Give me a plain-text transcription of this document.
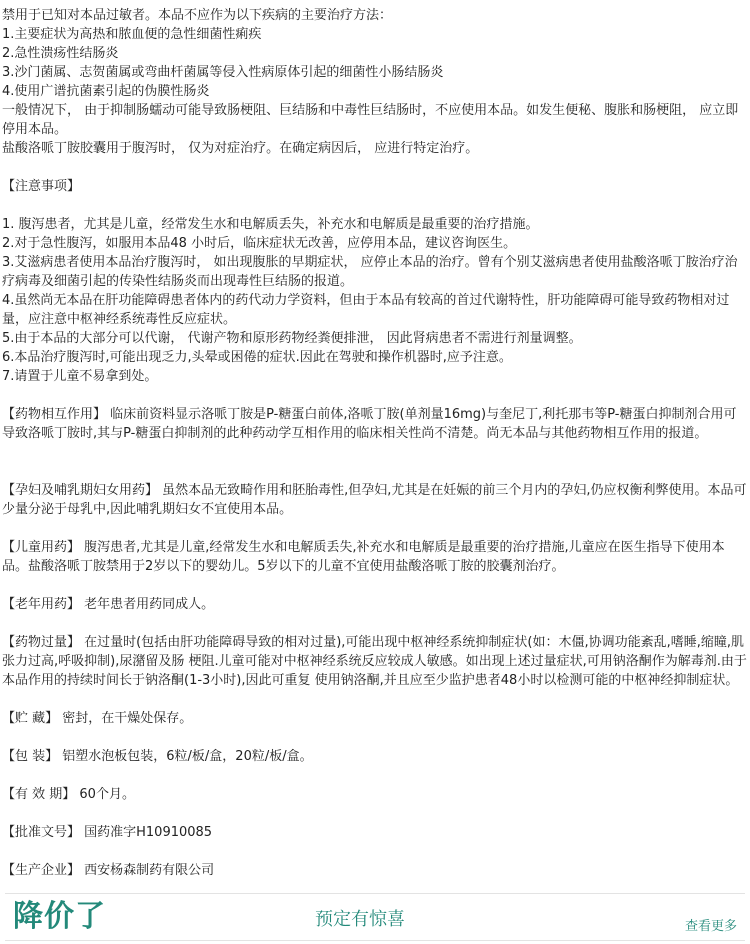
禁用于已知对本品过敏者。本品不应作为以下疾病的主要治疗方法：

1.主要症状为高热和脓血便的急性细菌性痢疾

2.急性溃疡性结肠炎

3.沙门菌属、志贺菌属或弯曲杆菌属等侵入性病原体引起的细菌性小肠结肠炎

4.使用广谱抗菌素引起的伪膜性肠炎

一般情况下， 由于抑制肠蠕动可能导致肠梗阻、巨结肠和中毒性巨结肠时，不应使用本品。如发生便秘、腹胀和肠梗阻， 应立即停用本品。

盐酸洛哌丁胺胶囊用于腹泻时， 仅为对症治疗。在确定病因后， 应进行特定治疗。

【注意事项】

1. 腹泻患者，尤其是儿童，经常发生水和电解质丢失，补充水和电解质是最重要的治疗措施。

2.对于急性腹泻，如服用本品48 小时后，临床症状无改善，应停用本品，建议咨询医生。

3.艾滋病患者使用本品治疗腹泻时， 如出现腹胀的早期症状， 应停止本品的治疗。曾有个别艾滋病患者使用盐酸洛哌丁胺治疗治疗病毒及细菌引起的传染性结肠炎而出现毒性巨结肠的报道。

4.虽然尚无本品在肝功能障碍患者体内的药代动力学资料，但由于本品有较高的首过代谢特性，肝功能障碍可能导致药物相对过量，应注意中枢神经系统毒性反应症状。

5.由于本品的大部分可以代谢， 代谢产物和原形药物经粪便排泄， 因此肾病患者不需进行剂量调整。

6.本品治疗腹泻时,可能出现乏力,头晕或困倦的症状.因此在驾驶和操作机器时,应予注意。

7.请置于儿童不易拿到处。

【药物相互作用】 临床前资料显示洛哌丁胺是P-糖蛋白前体,洛哌丁胺(单剂量16mg)与奎尼丁,利托那韦等P-糖蛋白抑制剂合用可导致洛哌丁胺时,其与P-糖蛋白抑制剂的此种药动学互相作用的临床相关性尚不清楚。尚无本品与其他药物相互作用的报道。

【孕妇及哺乳期妇女用药】 虽然本品无致畸作用和胚胎毒性,但孕妇,尤其是在妊娠的前三个月内的孕妇,仍应权衡利弊使用。本品可少量分泌于母乳中,因此哺乳期妇女不宜使用本品。

【儿童用药】 腹泻患者,尤其是儿童,经常发生水和电解质丢失,补充水和电解质是最重要的治疗措施,儿童应在医生指导下使用本品。盐酸洛哌丁胺禁用于2岁以下的婴幼儿。5岁以下的儿童不宜使用盐酸洛哌丁胺的胶囊剂治疗。

【老年用药】 老年患者用药同成人。

【药物过量】 在过量时(包括由肝功能障碍导致的相对过量),可能出现中枢神经系统抑制症状(如：木僵,协调功能紊乱,嗜睡,缩瞳,肌张力过高,呼吸抑制),尿潴留及肠 梗阻.儿童可能对中枢神经系统反应较成人敏感。如出现上述过量症状,可用钠洛酮作为解毒剂.由于本品作用的持续时间长于钠洛酮(1-3小时),因此可重复 使用钠洛酮,并且应至少监护患者48小时以检测可能的中枢神经抑制症状。

【贮 藏】 密封，在干燥处保存。

【包 装】 铝塑水泡板包装，6粒/板/盒，20粒/板/盒。

【有 效 期】 60个月。

【批准文号】 国药准字H10910085

【生产企业】 西安杨森制药有限公司

降价了	预定有惊喜	查看更多
